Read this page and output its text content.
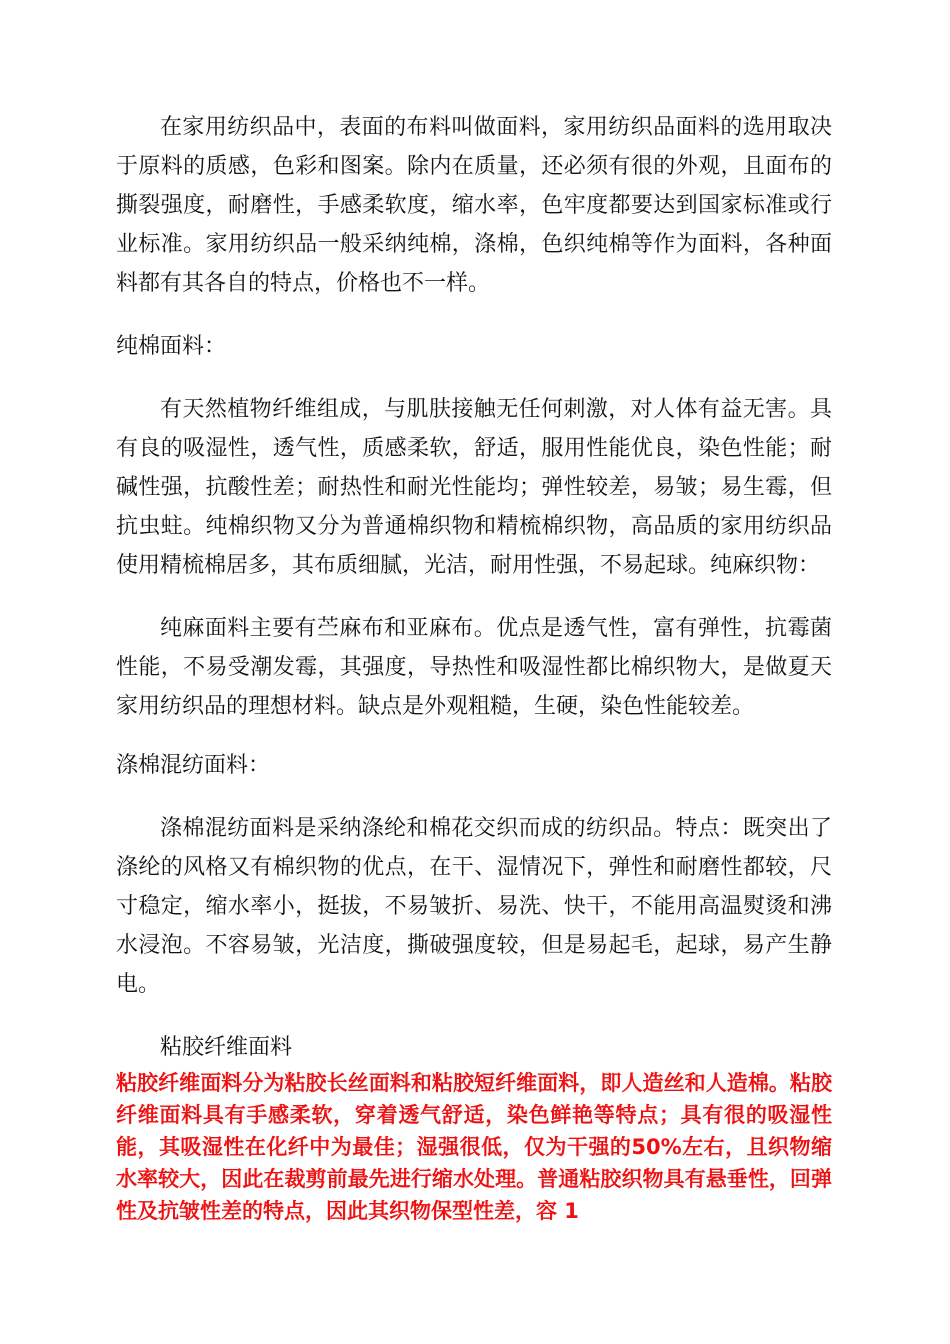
在家用纺织品中，表面的布料叫做面料，家用纺织品面料的选用取决于原料的质感，色彩和图案。除内在质量，还必须有很的外观，且面布的撕裂强度，耐磨性，手感柔软度，缩水率，色牢度都要达到国家标准或行业标准。家用纺织品一般采纳纯棉，涤棉，色织纯棉等作为面料，各种面料都有其各自的特点，价格也不一样。

纯棉面料：

有天然植物纤维组成，与肌肤接触无任何刺激，对人体有益无害。具有良的吸湿性，透气性，质感柔软，舒适，服用性能优良，染色性能；耐碱性强，抗酸性差；耐热性和耐光性能均；弹性较差，易皱；易生霉，但抗虫蛀。纯棉织物又分为普通棉织物和精梳棉织物，高品质的家用纺织品使用精梳棉居多，其布质细腻，光洁，耐用性强，不易起球。纯麻织物：

纯麻面料主要有苎麻布和亚麻布。优点是透气性，富有弹性，抗霉菌性能，不易受潮发霉，其强度，导热性和吸湿性都比棉织物大，是做夏天家用纺织品的理想材料。缺点是外观粗糙，生硬，染色性能较差。

涤棉混纺面料：

涤棉混纺面料是采纳涤纶和棉花交织而成的纺织品。特点：既突出了涤纶的风格又有棉织物的优点，在干、湿情况下，弹性和耐磨性都较，尺寸稳定，缩水率小，挺拔，不易皱折、易洗、快干，不能用高温熨烫和沸水浸泡。不容易皱，光洁度，撕破强度较，但是易起毛，起球，易产生静电。

粘胶纤维面料

粘胶纤维面料分为粘胶长丝面料和粘胶短纤维面料，即人造丝和人造棉。粘胶纤维面料具有手感柔软，穿着透气舒适，染色鲜艳等特点；具有很的吸湿性能，其吸湿性在化纤中为最佳；湿强很低，仅为干强的50%左右，且织物缩水率较大，因此在裁剪前最先进行缩水处理。普通粘胶织物具有悬垂性，回弹性及抗皱性差的特点，因此其织物保型性差，容 1
